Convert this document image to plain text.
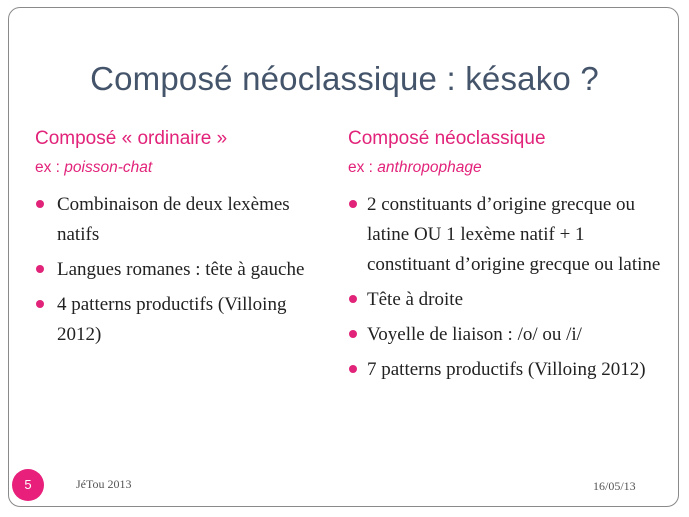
Composé néoclassique : késako ?

Composé « ordinaire »

ex : poisson-chat

Combinaison de deux lexèmes natifs
Langues romanes : tête à gauche
4 patterns productifs (Villoing 2012)

Composé néoclassique

ex : anthropophage

2 constituants d’origine grecque ou latine OU 1 lexème natif + 1 constituant d’origine grecque ou latine
Tête à droite
Voyelle de liaison : /o/ ou /i/
7 patterns productifs (Villoing 2012)
5	JéTou 2013	16/05/13
